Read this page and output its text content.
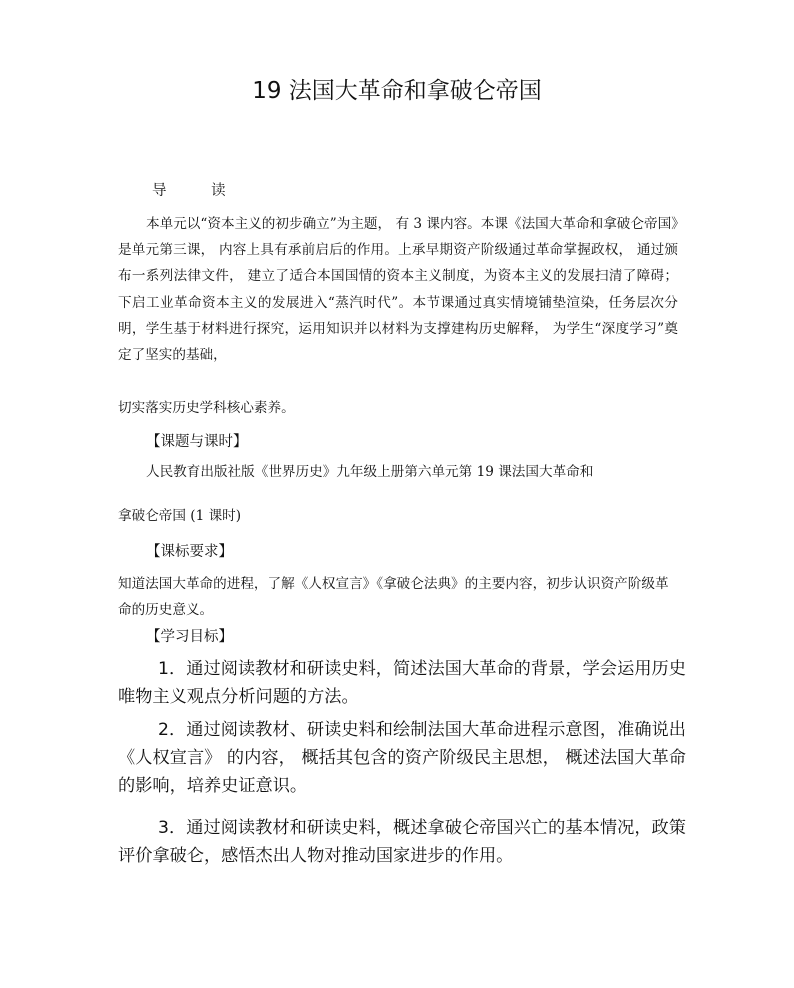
19 法国大革命和拿破仑帝国
导 读

本单元以“资本主义的初步确立”为主题， 有 3 课内容。本课《法国大革命和拿破仑帝国》是单元第三课， 内容上具有承前启后的作用。上承早期资产阶级通过革命掌握政权， 通过颁布一系列法律文件， 建立了适合本国国情的资本主义制度，为资本主义的发展扫清了障碍；下启工业革命资本主义的发展进入“蒸汽时代”。本节课通过真实情境铺垫渲染，任务层次分明，学生基于材料进行探究，运用知识并以材料为支撑建构历史解释， 为学生“深度学习”奠定了坚实的基础，

切实落实历史学科核心素养。

【课题与课时】

人民教育出版社版《世界历史》九年级上册第六单元第 19 课法国大革命和

拿破仑帝国 (1 课时)

【课标要求】

知道法国大革命的进程，了解《人权宣言》《拿破仑法典》的主要内容，初步认识资产阶级革命的历史意义。

【学习目标】

1．通过阅读教材和研读史料，简述法国大革命的背景，学会运用历史唯物主义观点分析问题的方法。

2．通过阅读教材、研读史料和绘制法国大革命进程示意图，准确说出《人权宣言》 的内容， 概括其包含的资产阶级民主思想， 概述法国大革命的影响，培养史证意识。

3．通过阅读教材和研读史料，概述拿破仑帝国兴亡的基本情况，政策评价拿破仑，感悟杰出人物对推动国家进步的作用。
